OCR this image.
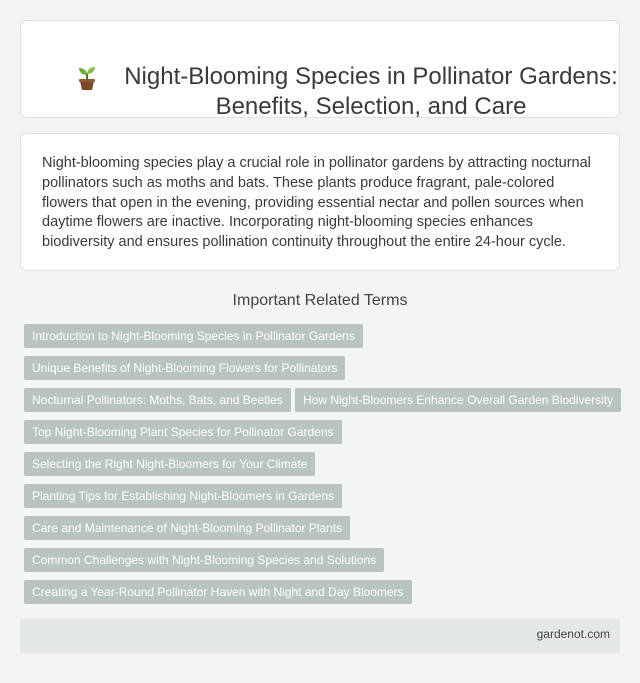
Night-Blooming Species in Pollinator Gardens: Benefits, Selection, and Care

Night-blooming species play a crucial role in pollinator gardens by attracting nocturnal pollinators such as moths and bats. These plants produce fragrant, pale-colored flowers that open in the evening, providing essential nectar and pollen sources when daytime flowers are inactive. Incorporating night-blooming species enhances biodiversity and ensures pollination continuity throughout the entire 24-hour cycle.

Important Related Terms
Introduction to Night-Blooming Species in Pollinator Gardens
Unique Benefits of Night-Blooming Flowers for Pollinators
Nocturnal Pollinators: Moths, Bats, and Beetles	How Night-Bloomers Enhance Overall Garden Biodiversity
Top Night-Blooming Plant Species for Pollinator Gardens
Selecting the Right Night-Bloomers for Your Climate
Planting Tips for Establishing Night-Bloomers in Gardens
Care and Maintenance of Night-Blooming Pollinator Plants
Common Challenges with Night-Blooming Species and Solutions
Creating a Year-Round Pollinator Haven with Night and Day Bloomers
gardenot.com
